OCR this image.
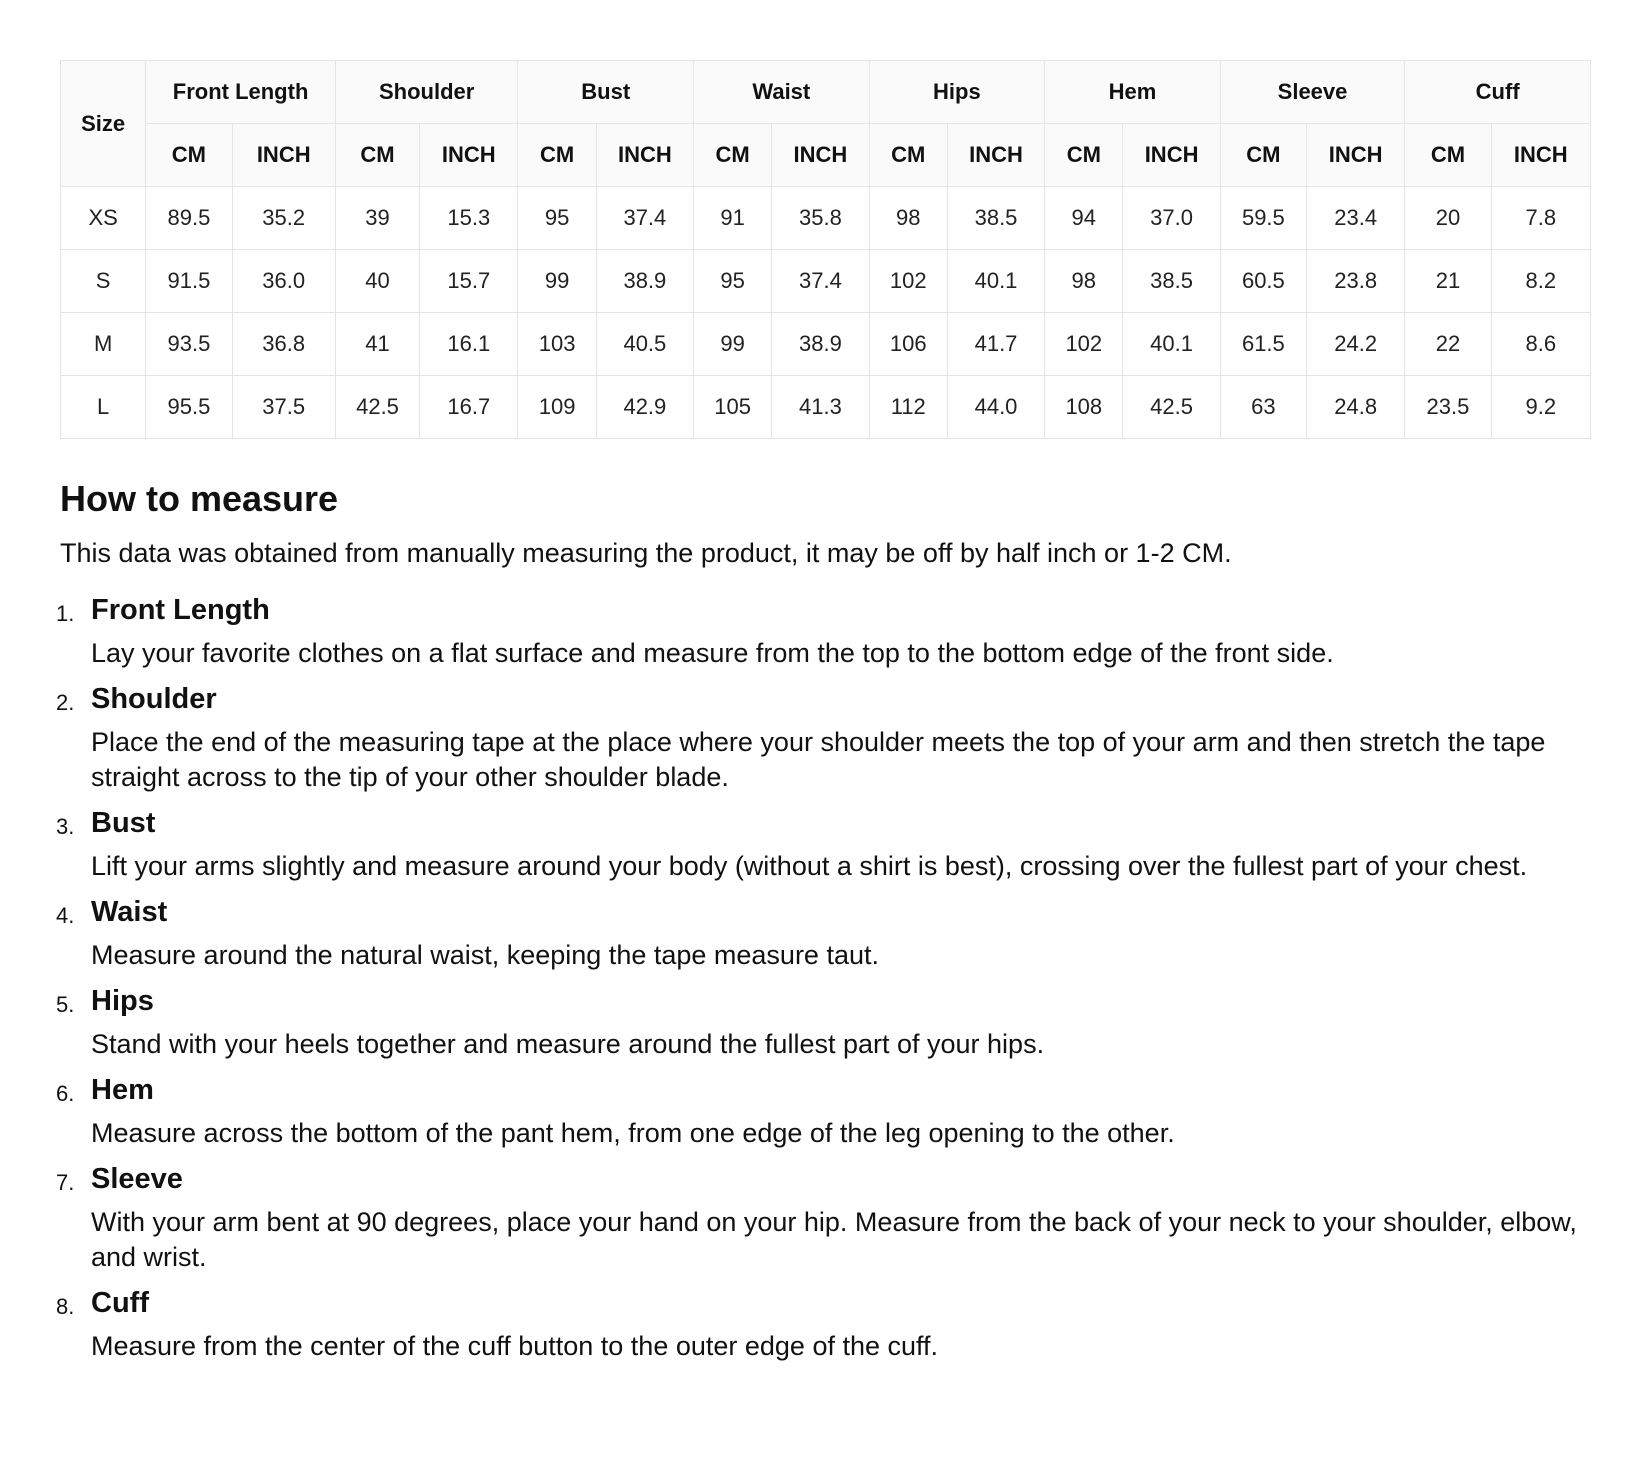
Size	Front Length		Shoulder		Bust		Waist		Hips		Hem		Sleeve		Cuff	
	CM	INCH	CM	INCH	CM	INCH	CM	INCH	CM	INCH	CM	INCH	CM	INCH	CM	INCH
XS	89.5	35.2	39	15.3	95	37.4	91	35.8	98	38.5	94	37.0	59.5	23.4	20	7.8
S	91.5	36.0	40	15.7	99	38.9	95	37.4	102	40.1	98	38.5	60.5	23.8	21	8.2
M	93.5	36.8	41	16.1	103	40.5	99	38.9	106	41.7	102	40.1	61.5	24.2	22	8.6
L	95.5	37.5	42.5	16.7	109	42.9	105	41.3	112	44.0	108	42.5	63	24.8	23.5	9.2
How to measure

This data was obtained from manually measuring the product, it may be off by half inch or 1-2 CM.

1. Front Length

Lay your favorite clothes on a flat surface and measure from the top to the bottom edge of the front side.

2. Shoulder

Place the end of the measuring tape at the place where your shoulder meets the top of your arm and then stretch the tape straight across to the tip of your other shoulder blade.

3. Bust

Lift your arms slightly and measure around your body (without a shirt is best), crossing over the fullest part of your chest.

4. Waist

Measure around the natural waist, keeping the tape measure taut.

5. Hips

Stand with your heels together and measure around the fullest part of your hips.

6. Hem

Measure across the bottom of the pant hem, from one edge of the leg opening to the other.

7. Sleeve

With your arm bent at 90 degrees, place your hand on your hip. Measure from the back of your neck to your shoulder, elbow, and wrist.

8. Cuff

Measure from the center of the cuff button to the outer edge of the cuff.
